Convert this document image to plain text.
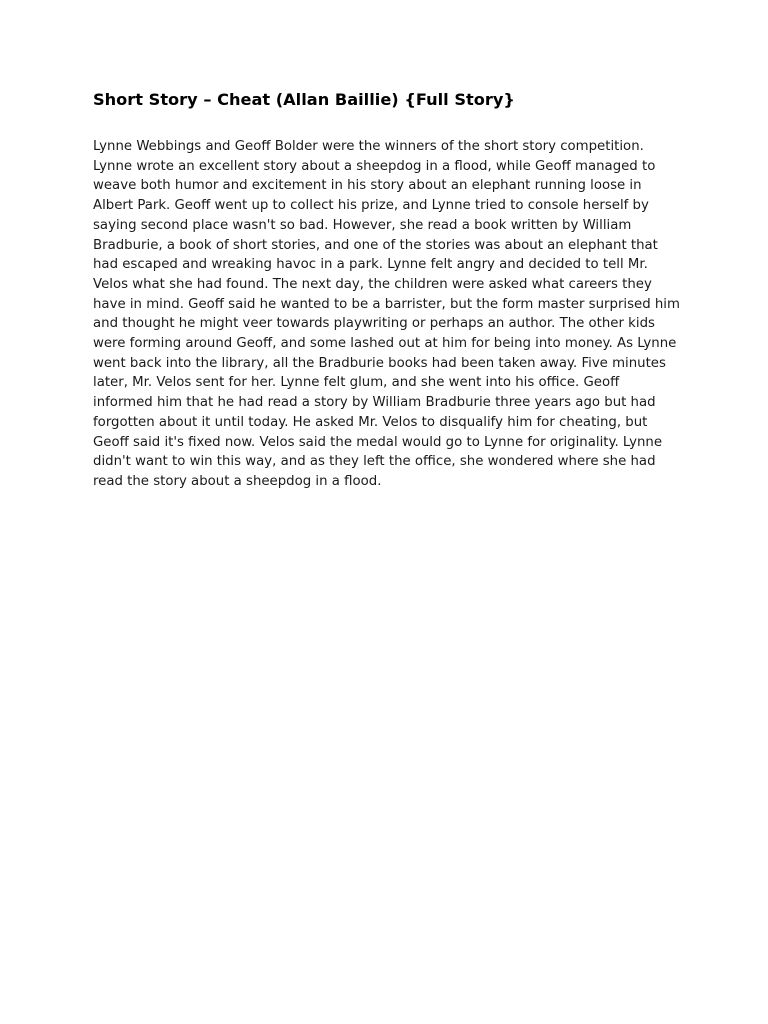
Short Story – Cheat (Allan Baillie) {Full Story}
Lynne Webbings and Geoff Bolder were the winners of the short story competition.
Lynne wrote an excellent story about a sheepdog in a flood, while Geoff managed to
weave both humor and excitement in his story about an elephant running loose in
Albert Park. Geoff went up to collect his prize, and Lynne tried to console herself by
saying second place wasn't so bad. However, she read a book written by William
Bradburie, a book of short stories, and one of the stories was about an elephant that
had escaped and wreaking havoc in a park. Lynne felt angry and decided to tell Mr.
Velos what she had found. The next day, the children were asked what careers they
have in mind. Geoff said he wanted to be a barrister, but the form master surprised him
and thought he might veer towards playwriting or perhaps an author. The other kids
were forming around Geoff, and some lashed out at him for being into money. As Lynne
went back into the library, all the Bradburie books had been taken away. Five minutes
later, Mr. Velos sent for her. Lynne felt glum, and she went into his office. Geoff
informed him that he had read a story by William Bradburie three years ago but had
forgotten about it until today. He asked Mr. Velos to disqualify him for cheating, but
Geoff said it's fixed now. Velos said the medal would go to Lynne for originality. Lynne
didn't want to win this way, and as they left the office, she wondered where she had
read the story about a sheepdog in a flood.
